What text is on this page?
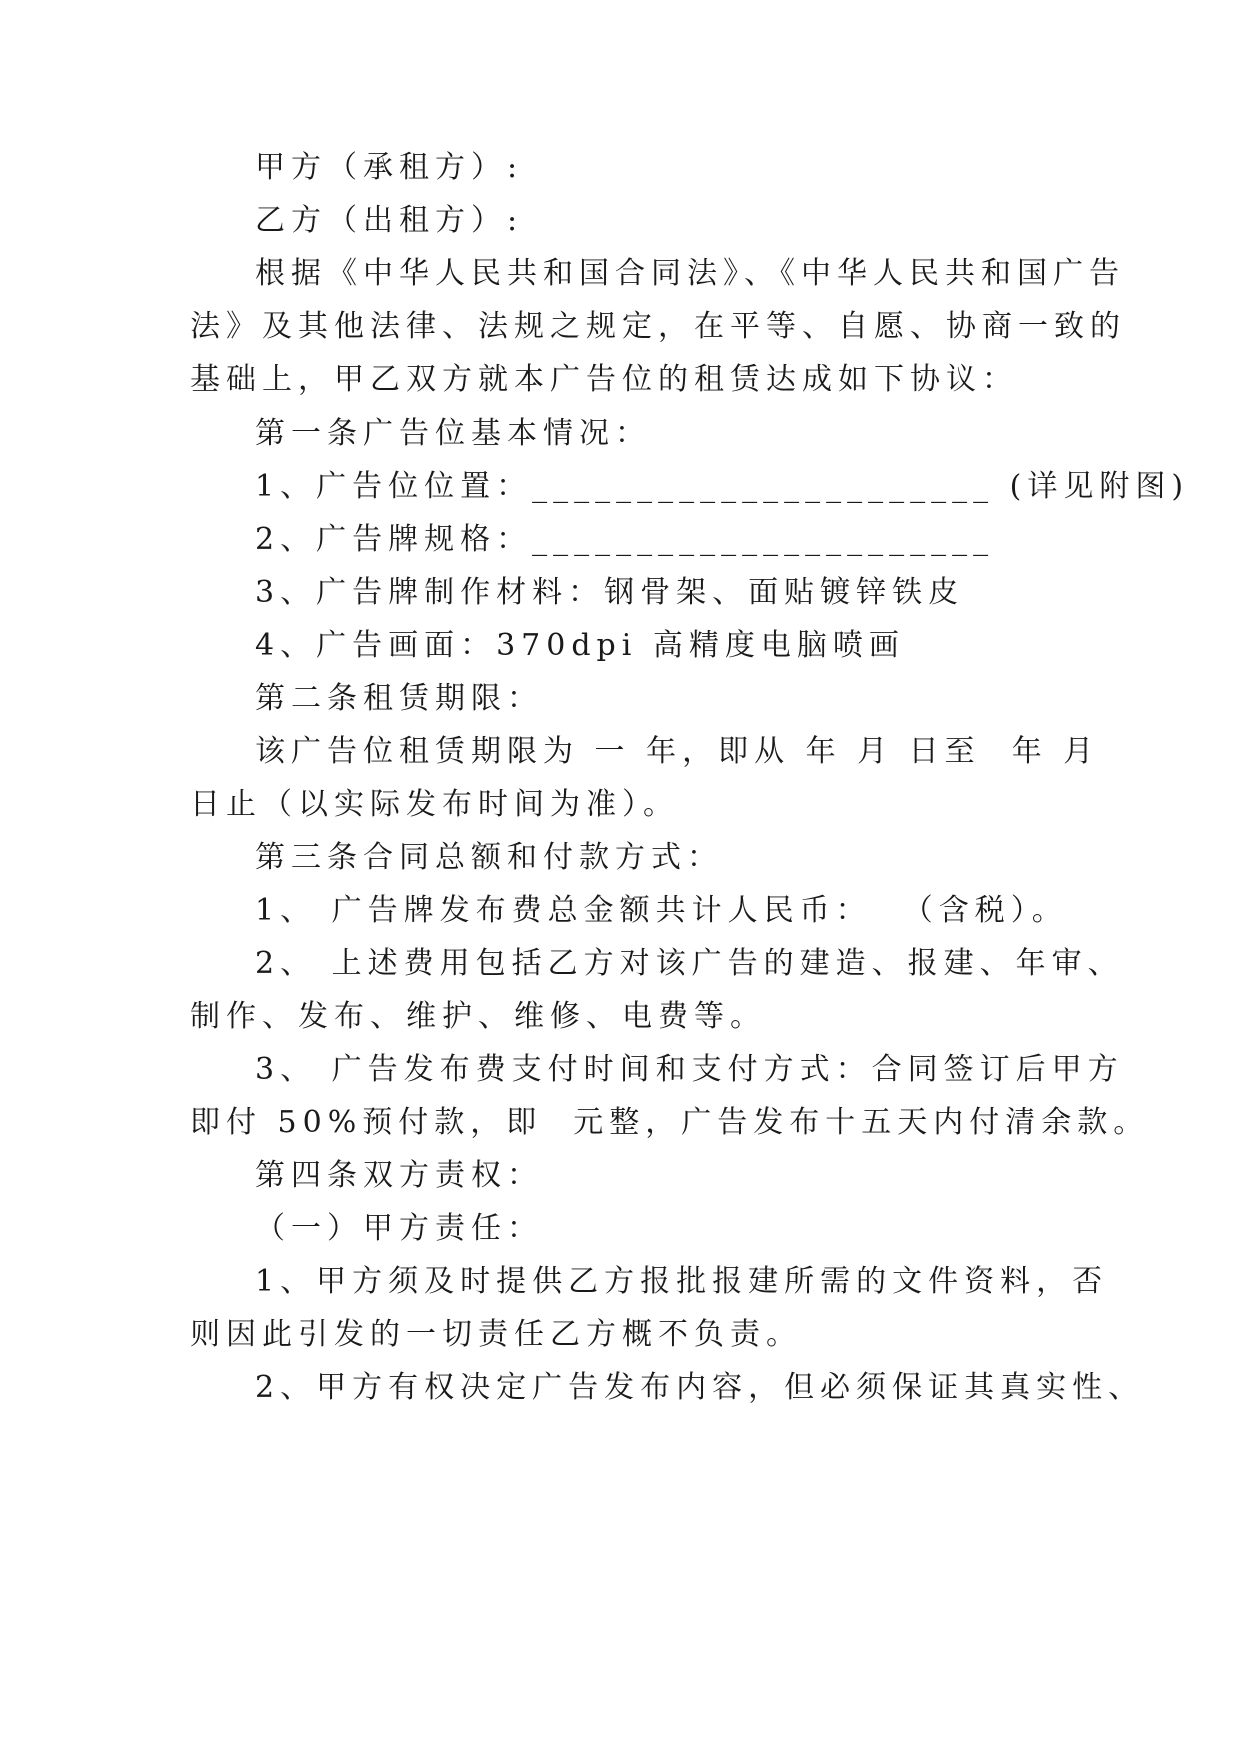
甲方（承租方）:
乙方（出租方）:
根据《中华人民共和国合同法》、《中华人民共和国广告
法》及其他法律、法规之规定，在平等、自愿、协商一致的
基础上，甲乙双方就本广告位的租赁达成如下协议：
第一条广告位基本情况：
1、广告位位置：______________________ (详见附图)
2、广告牌规格：______________________
3、广告牌制作材料：钢骨架、面贴镀锌铁皮
4、广告画面：370dpi 高精度电脑喷画
第二条租赁期限：
该广告位租赁期限为 一 年，即从 年 月 日至  年 月
日止（以实际发布时间为准）。
第三条合同总额和付款方式：
1、 广告牌发布费总金额共计人民币：  （含税）。
2、 上述费用包括乙方对该广告的建造、报建、年审、
制作、发布、维护、维修、电费等。
3、 广告发布费支付时间和支付方式：合同签订后甲方
即付 50%预付款，即  元整，广告发布十五天内付清余款。
第四条双方责权：
（一）甲方责任：
1、甲方须及时提供乙方报批报建所需的文件资料，否
则因此引发的一切责任乙方概不负责。
2、甲方有权决定广告发布内容，但必须保证其真实性、
